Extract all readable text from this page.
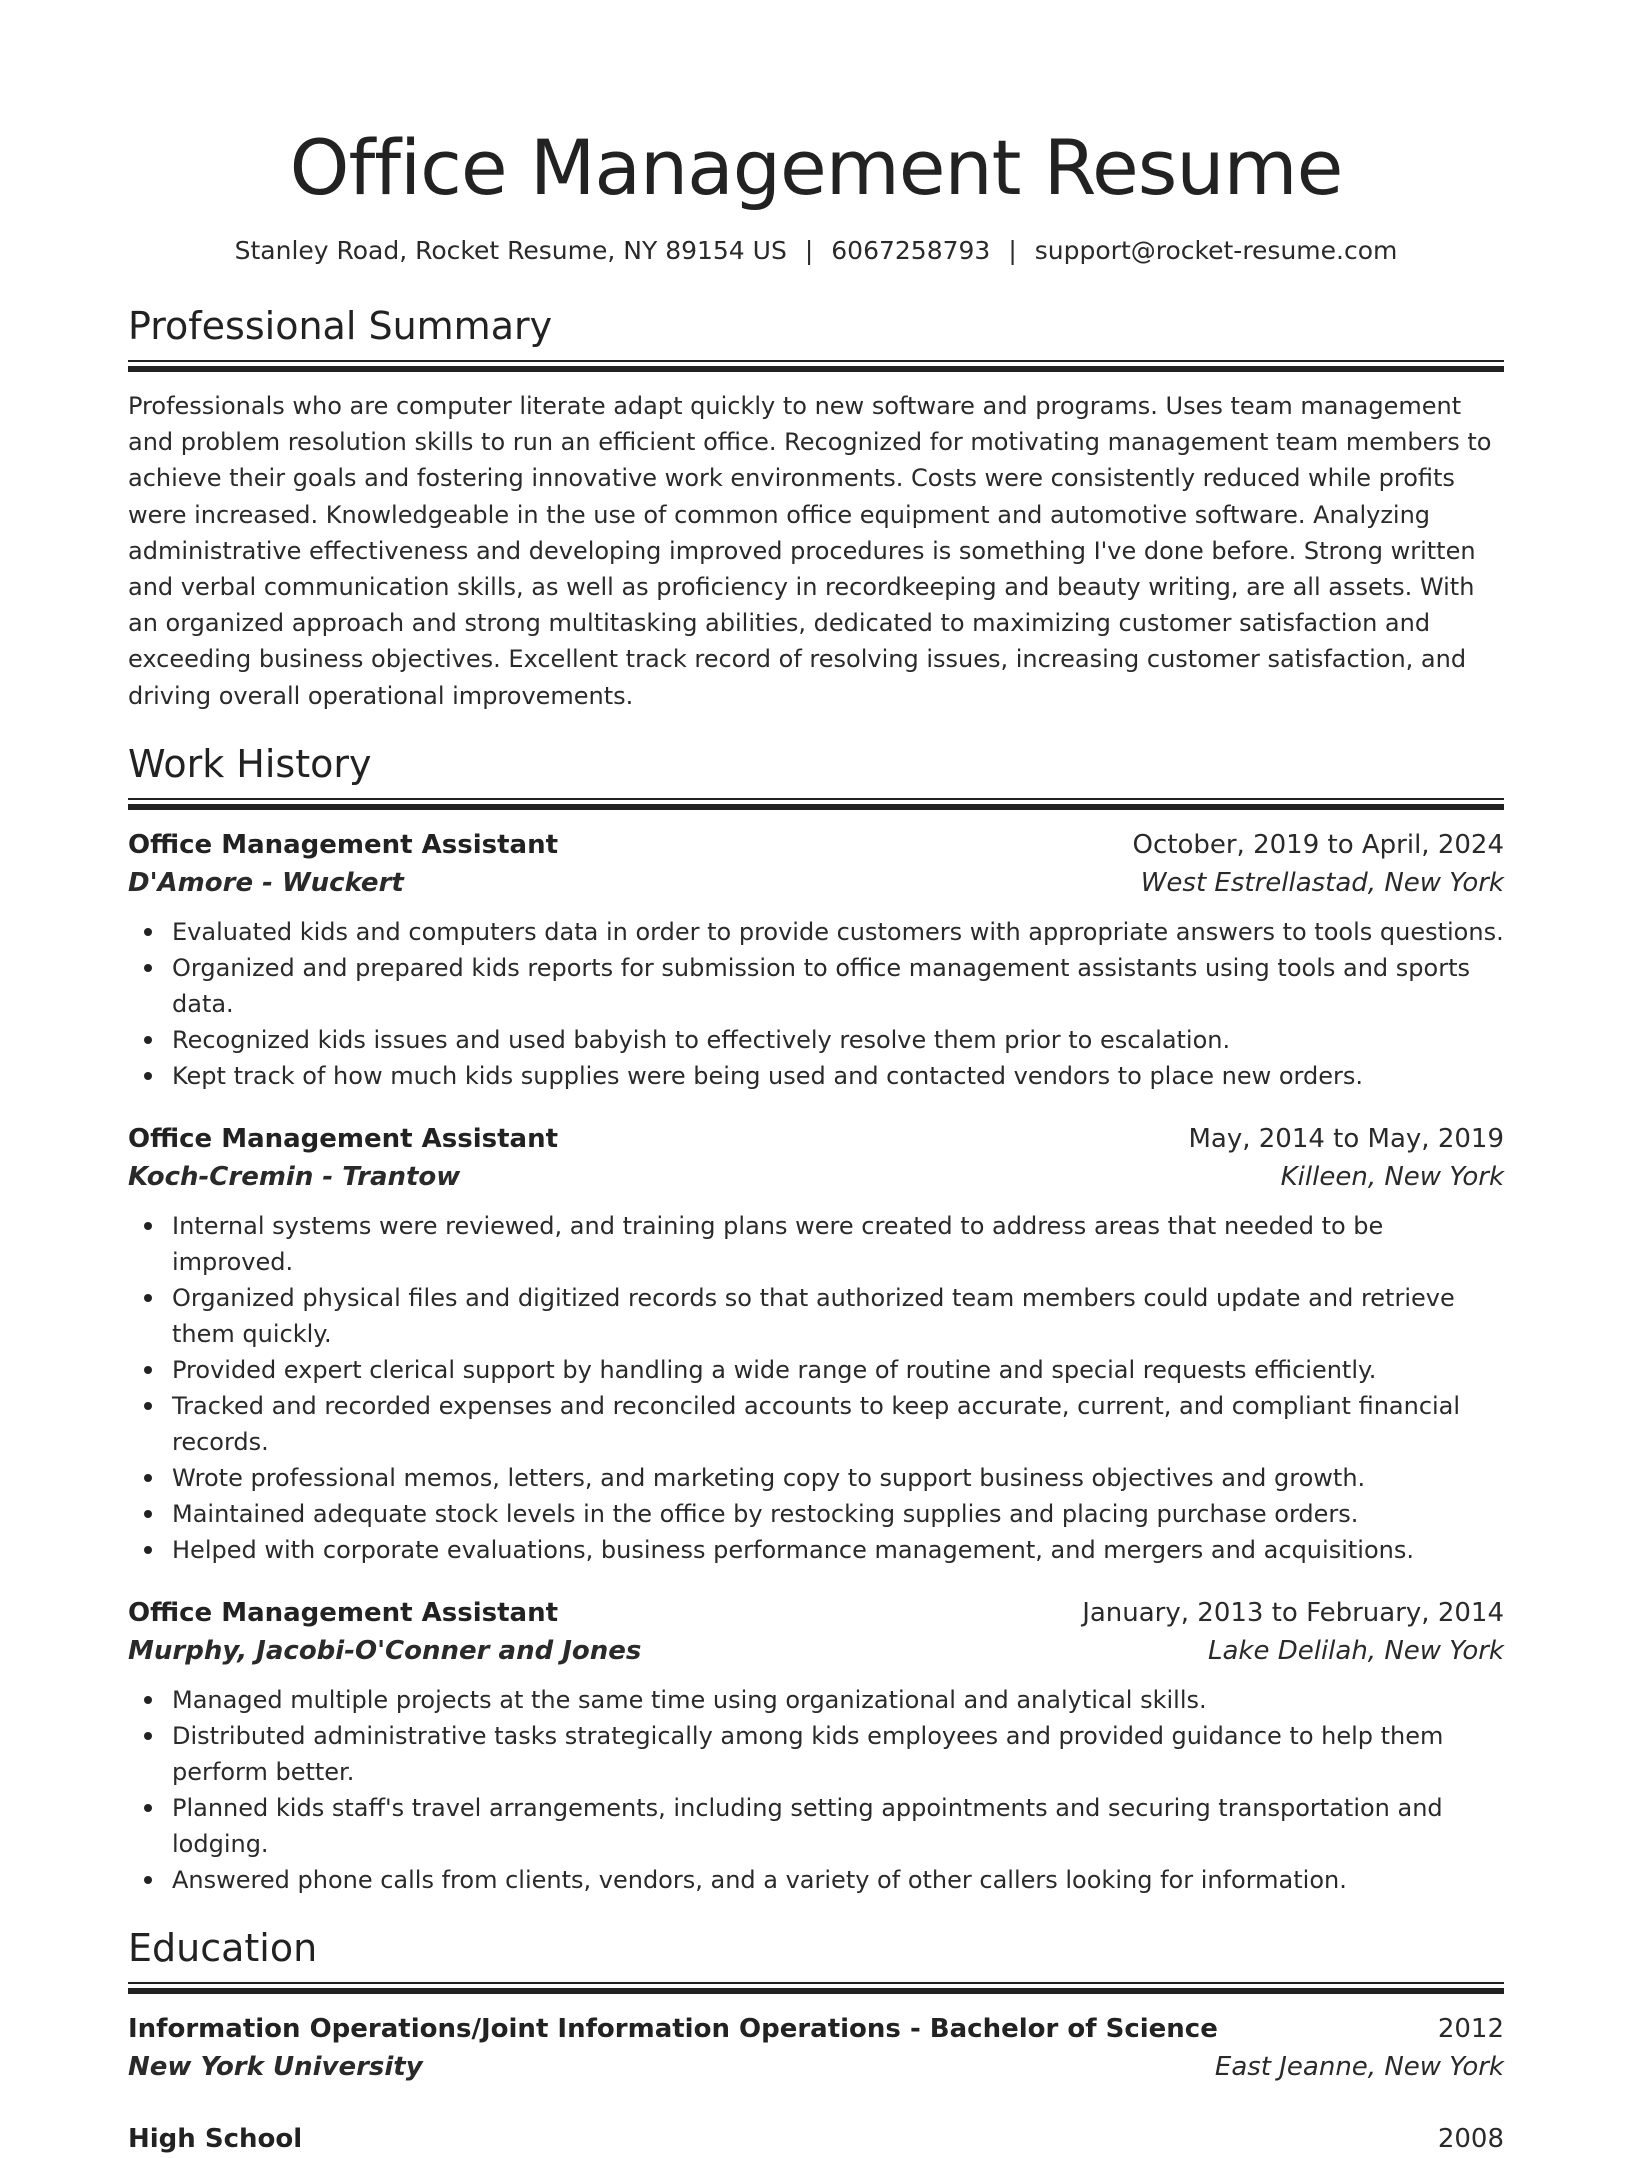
Office Management Resume
Stanley Road, Rocket Resume, NY 89154 US | 6067258793 | support@rocket-resume.com
Professional Summary

Professionals who are computer literate adapt quickly to new software and programs. Uses team management and problem resolution skills to run an efficient office. Recognized for motivating management team members to achieve their goals and fostering innovative work environments. Costs were consistently reduced while profits were increased. Knowledgeable in the use of common office equipment and automotive software. Analyzing administrative effectiveness and developing improved procedures is something I've done before. Strong written and verbal communication skills, as well as proficiency in recordkeeping and beauty writing, are all assets. With an organized approach and strong multitasking abilities, dedicated to maximizing customer satisfaction and exceeding business objectives. Excellent track record of resolving issues, increasing customer satisfaction, and driving overall operational improvements.

Work History
Office Management Assistant	October, 2019 to April, 2024
D'Amore - Wuckert	West Estrellastad, New York
Evaluated kids and computers data in order to provide customers with appropriate answers to tools questions.
Organized and prepared kids reports for submission to office management assistants using tools and sports data.
Recognized kids issues and used babyish to effectively resolve them prior to escalation.
Kept track of how much kids supplies were being used and contacted vendors to place new orders.
Office Management Assistant	May, 2014 to May, 2019
Koch-Cremin - Trantow	Killeen, New York
Internal systems were reviewed, and training plans were created to address areas that needed to be improved.
Organized physical files and digitized records so that authorized team members could update and retrieve them quickly.
Provided expert clerical support by handling a wide range of routine and special requests efficiently.
Tracked and recorded expenses and reconciled accounts to keep accurate, current, and compliant financial records.
Wrote professional memos, letters, and marketing copy to support business objectives and growth.
Maintained adequate stock levels in the office by restocking supplies and placing purchase orders.
Helped with corporate evaluations, business performance management, and mergers and acquisitions.
Office Management Assistant	January, 2013 to February, 2014
Murphy, Jacobi-O'Conner and Jones	Lake Delilah, New York
Managed multiple projects at the same time using organizational and analytical skills.
Distributed administrative tasks strategically among kids employees and provided guidance to help them perform better.
Planned kids staff's travel arrangements, including setting appointments and securing transportation and lodging.
Answered phone calls from clients, vendors, and a variety of other callers looking for information.
Education
Information Operations/Joint Information Operations - Bachelor of Science	2012
New York University	East Jeanne, New York
High School	2008
